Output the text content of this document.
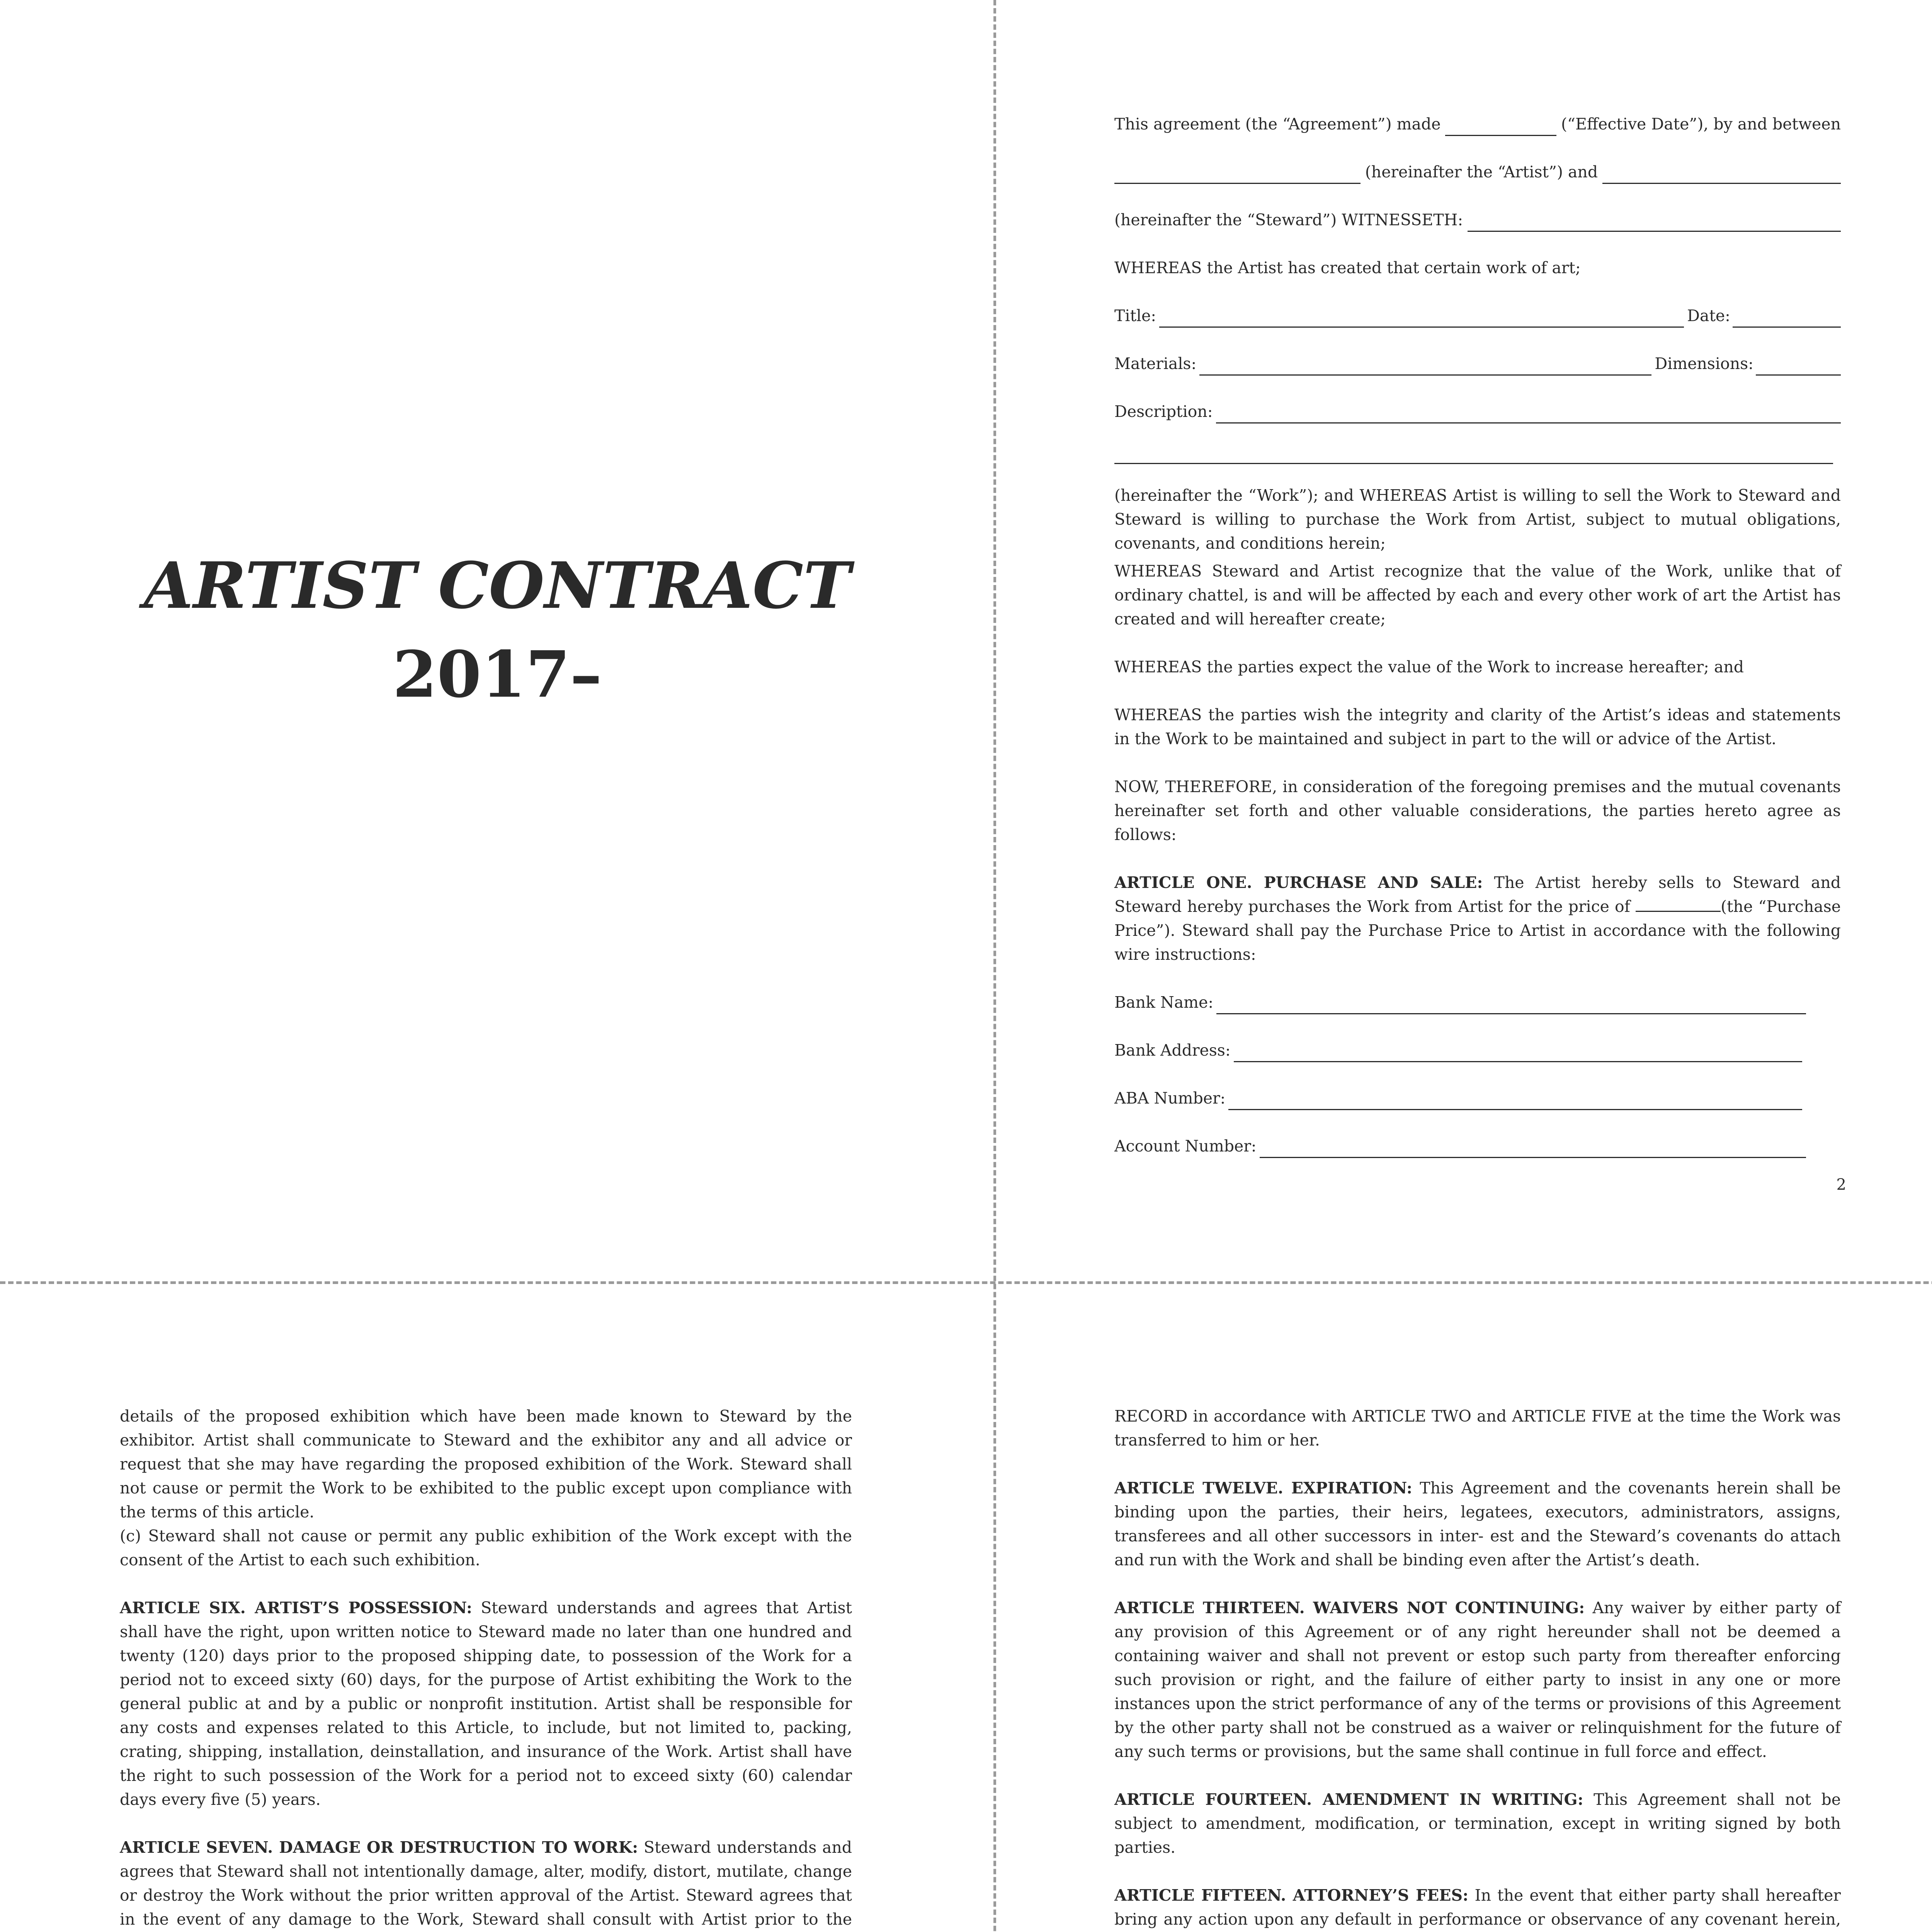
ARTIST CONTRACT
2017–
This agreement (the “Agreement”) made	(“Effective Date”), by and between
(hereinafter the “Artist”) and
(hereinafter the “Steward”) WITNESSETH:

WHEREAS the Artist has created that certain work of art;

Title:	Date:
Materials:	Dimensions:
Description:

(hereinafter the “Work”); and WHEREAS Artist is willing to sell the Work to Steward and Steward is willing to purchase the Work from Artist, subject to mutual obligations, covenants, and conditions herein;

WHEREAS Steward and Artist recognize that the value of the Work, unlike that of ordinary chattel, is and will be affected by each and every other work of art the Artist has created and will hereafter create;

WHEREAS the parties expect the value of the Work to increase hereafter; and

WHEREAS the parties wish the integrity and clarity of the Artist’s ideas and statements in the Work to be maintained and subject in part to the will or advice of the Artist.

NOW, THEREFORE, in consideration of the foregoing premises and the mutual covenants hereinafter set forth and other valuable considerations, the parties hereto agree as follows:

ARTICLE ONE. PURCHASE AND SALE: The Artist hereby sells to Steward and Steward hereby purchases the Work from Artist for the price of	(the “Purchase Price”). Steward shall pay the Purchase Price to Artist in accordance with the following wire instructions:

Bank Name:
Bank Address:
ABA Number:
Account Number:
2

details of the proposed exhibition which have been made known to Steward by the exhibitor. Artist shall communicate to Steward and the exhibitor any and all advice or request that she may have regarding the proposed exhibition of the Work. Steward shall not cause or permit the Work to be exhibited to the public except upon compliance with the terms of this article.

(c) Steward shall not cause or permit any public exhibition of the Work except with the consent of the Artist to each such exhibition.

ARTICLE SIX. ARTIST’S POSSESSION: Steward understands and agrees that Artist shall have the right, upon written notice to Steward made no later than one hundred and twenty (120) days prior to the proposed shipping date, to possession of the Work for a period not to exceed sixty (60) days, for the purpose of Artist exhibiting the Work to the general public at and by a public or nonprofit institution. Artist shall be responsible for any costs and expenses related to this Article, to include, but not limited to, packing, crating, shipping, installation, deinstallation, and insurance of the Work. Artist shall have the right to such possession of the Work for a period not to exceed sixty (60) calendar days every five (5) years.

ARTICLE SEVEN. DAMAGE OR DESTRUCTION TO WORK: Steward understands and agrees that Steward shall not intentionally damage, alter, modify, distort, mutilate, change or destroy the Work without the prior written approval of the Artist. Steward agrees that in the event of any damage to the Work, Steward shall consult with Artist prior to the

RECORD in accordance with ARTICLE TWO and ARTICLE FIVE at the time the Work was transferred to him or her.

ARTICLE TWELVE. EXPIRATION: This Agreement and the covenants herein shall be binding upon the parties, their heirs, legatees, executors, administrators, assigns, transferees and all other successors in inter- est and the Steward’s covenants do attach and run with the Work and shall be binding even after the Artist’s death.

ARTICLE THIRTEEN. WAIVERS NOT CONTINUING: Any waiver by either party of any provision of this Agreement or of any right hereunder shall not be deemed a containing waiver and shall not prevent or estop such party from thereafter enforcing such provision or right, and the failure of either party to insist in any one or more instances upon the strict performance of any of the terms or provisions of this Agreement by the other party shall not be construed as a waiver or relinquishment for the future of any such terms or provisions, but the same shall continue in full force and effect.

ARTICLE FOURTEEN. AMENDMENT IN WRITING: This Agreement shall not be subject to amendment, modification, or termination, except in writing signed by both parties.

ARTICLE FIFTEEN. ATTORNEY’S FEES: In the event that either party shall hereafter bring any action upon any default in performance or observance of any covenant herein,
